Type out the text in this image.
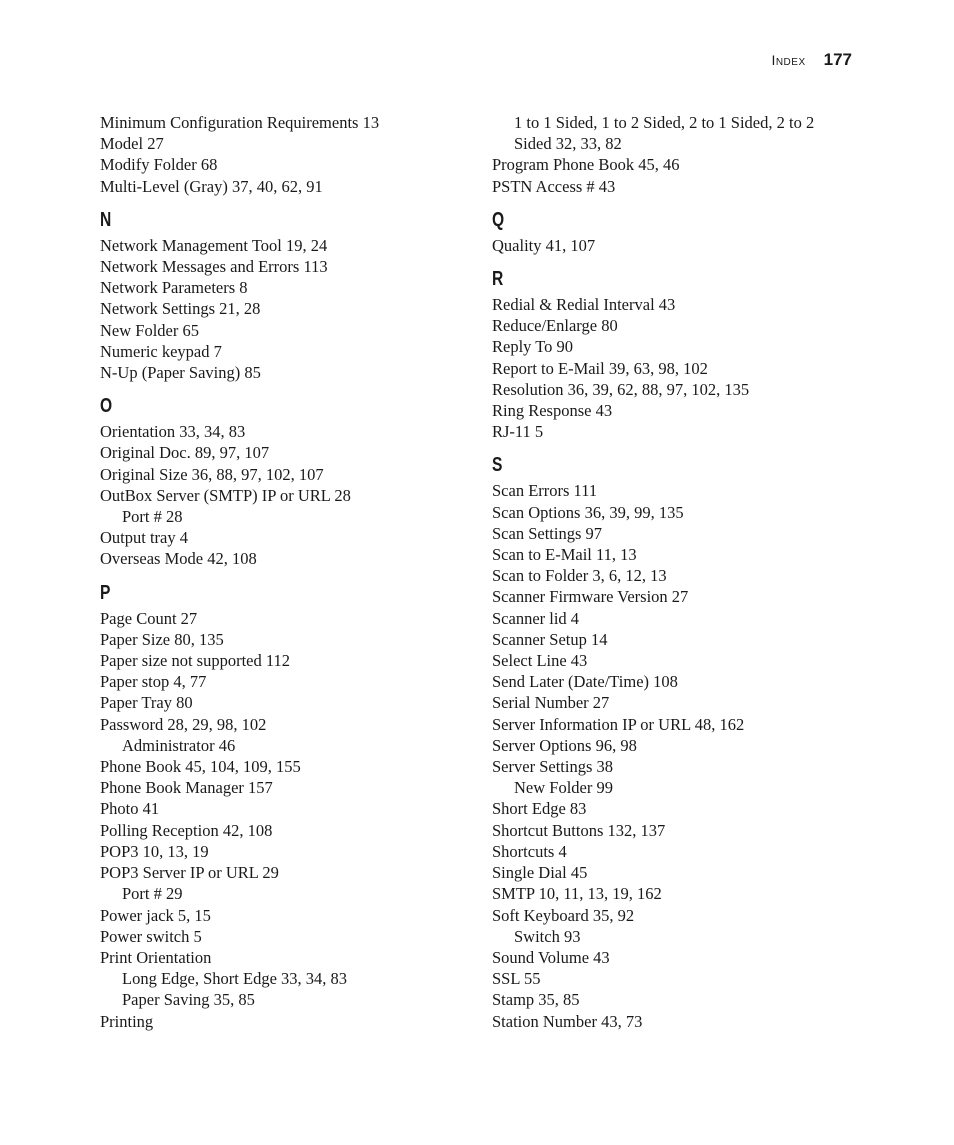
Index 177
Minimum Configuration Requirements 13
Model 27
Modify Folder 68
Multi-Level (Gray) 37, 40, 62, 91
N
Network Management Tool 19, 24
Network Messages and Errors 113
Network Parameters 8
Network Settings 21, 28
New Folder 65
Numeric keypad 7
N-Up (Paper Saving) 85
O
Orientation 33, 34, 83
Original Doc. 89, 97, 107
Original Size 36, 88, 97, 102, 107
OutBox Server (SMTP) IP or URL 28
Port # 28
Output tray 4
Overseas Mode 42, 108
P
Page Count 27
Paper Size 80, 135
Paper size not supported 112
Paper stop 4, 77
Paper Tray 80
Password 28, 29, 98, 102
Administrator 46
Phone Book 45, 104, 109, 155
Phone Book Manager 157
Photo 41
Polling Reception 42, 108
POP3 10, 13, 19
POP3 Server IP or URL 29
Port # 29
Power jack 5, 15
Power switch 5
Print Orientation
Long Edge, Short Edge 33, 34, 83
Paper Saving 35, 85
Printing
1 to 1 Sided, 1 to 2 Sided, 2 to 1 Sided, 2 to 2
Sided 32, 33, 82
Program Phone Book 45, 46
PSTN Access # 43
Q
Quality 41, 107
R
Redial & Redial Interval 43
Reduce/Enlarge 80
Reply To 90
Report to E-Mail 39, 63, 98, 102
Resolution 36, 39, 62, 88, 97, 102, 135
Ring Response 43
RJ-11 5
S
Scan Errors 111
Scan Options 36, 39, 99, 135
Scan Settings 97
Scan to E-Mail 11, 13
Scan to Folder 3, 6, 12, 13
Scanner Firmware Version 27
Scanner lid 4
Scanner Setup 14
Select Line 43
Send Later (Date/Time) 108
Serial Number 27
Server Information IP or URL 48, 162
Server Options 96, 98
Server Settings 38
New Folder 99
Short Edge 83
Shortcut Buttons 132, 137
Shortcuts 4
Single Dial 45
SMTP 10, 11, 13, 19, 162
Soft Keyboard 35, 92
Switch 93
Sound Volume 43
SSL 55
Stamp 35, 85
Station Number 43, 73
